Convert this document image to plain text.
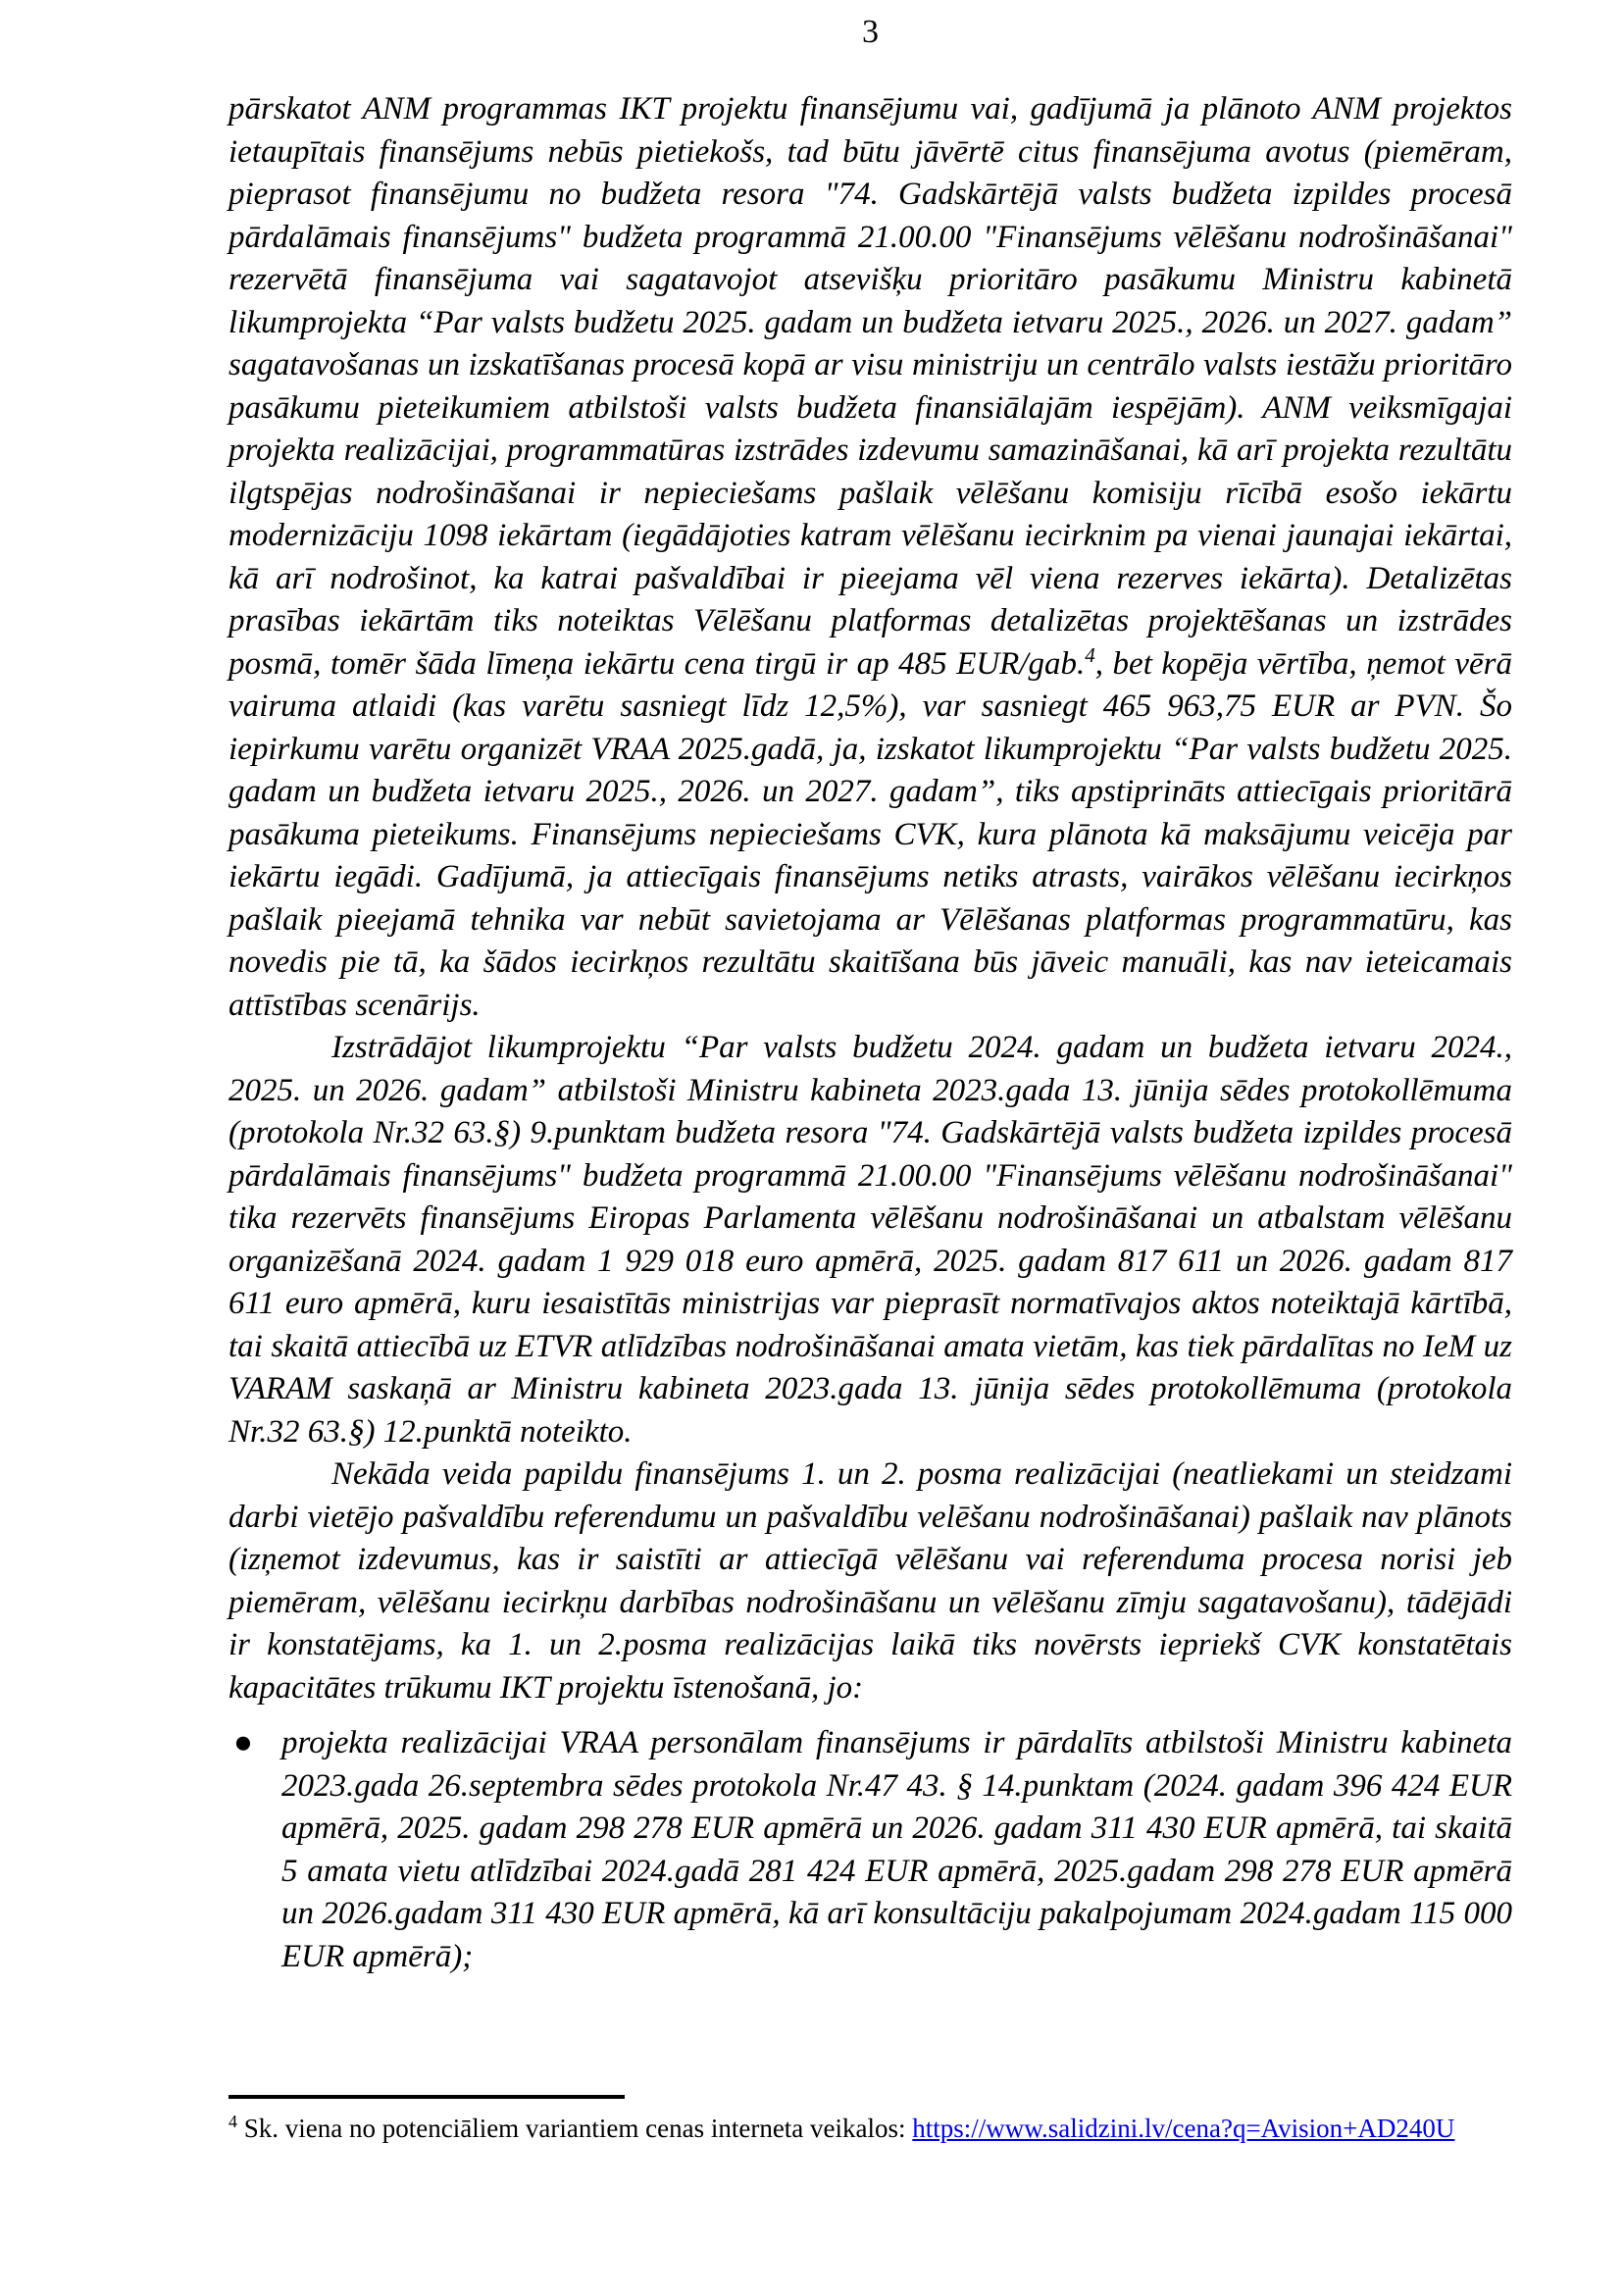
3

pārskatot ANM programmas IKT projektu finansējumu vai, gadījumā ja plānoto ANM projektos ietaupītais finansējums nebūs pietiekošs, tad būtu jāvērtē citus finansējuma avotus (piemēram, pieprasot finansējumu no budžeta resora "74. Gadskārtējā valsts budžeta izpildes procesā pārdalāmais finansējums" budžeta programmā 21.00.00 "Finansējums vēlēšanu nodrošināšanai" rezervētā finansējuma vai sagatavojot atsevišķu prioritāro pasākumu Ministru kabinetā likumprojekta “Par valsts budžetu 2025. gadam un budžeta ietvaru 2025., 2026. un 2027. gadam” sagatavošanas un izskatīšanas procesā kopā ar visu ministriju un centrālo valsts iestāžu prioritāro pasākumu pieteikumiem atbilstoši valsts budžeta finansiālajām iespējām). ANM veiksmīgajai projekta realizācijai, programmatūras izstrādes izdevumu samazināšanai, kā arī projekta rezultātu ilgtspējas nodrošināšanai ir nepieciešams pašlaik vēlēšanu komisiju rīcībā esošo iekārtu modernizāciju 1098 iekārtam (iegādājoties katram vēlēšanu iecirknim pa vienai jaunajai iekārtai, kā arī nodrošinot, ka katrai pašvaldībai ir pieejama vēl viena rezerves iekārta). Detalizētas prasības iekārtām tiks noteiktas Vēlēšanu platformas detalizētas projektēšanas un izstrādes posmā, tomēr šāda līmeņa iekārtu cena tirgū ir ap 485 EUR/gab.$^4$, bet kopēja vērtība, ņemot vērā vairuma atlaidi (kas varētu sasniegt līdz 12,5%), var sasniegt 465 963,75 EUR ar PVN. Šo iepirkumu varētu organizēt VRAA 2025.gadā, ja, izskatot likumprojektu “Par valsts budžetu 2025. gadam un budžeta ietvaru 2025., 2026. un 2027. gadam”, tiks apstiprināts attiecīgais prioritārā pasākuma pieteikums. Finansējums nepieciešams CVK, kura plānota kā maksājumu veicēja par iekārtu iegādi. Gadījumā, ja attiecīgais finansējums netiks atrasts, vairākos vēlēšanu iecirkņos pašlaik pieejamā tehnika var nebūt savietojama ar Vēlēšanas platformas programmatūru, kas novedis pie tā, ka šādos iecirkņos rezultātu skaitīšana būs jāveic manuāli, kas nav ieteicamais attīstības scenārijs.

Izstrādājot likumprojektu “Par valsts budžetu 2024. gadam un budžeta ietvaru 2024., 2025. un 2026. gadam” atbilstoši Ministru kabineta 2023.gada 13. jūnija sēdes protokollēmuma (protokola Nr.32 63.§) 9.punktam budžeta resora "74. Gadskārtējā valsts budžeta izpildes procesā pārdalāmais finansējums" budžeta programmā 21.00.00 "Finansējums vēlēšanu nodrošināšanai" tika rezervēts finansējums Eiropas Parlamenta vēlēšanu nodrošināšanai un atbalstam vēlēšanu organizēšanā 2024. gadam 1 929 018 euro apmērā, 2025. gadam 817 611 un 2026. gadam 817 611 euro apmērā, kuru iesaistītās ministrijas var pieprasīt normatīvajos aktos noteiktajā kārtībā, tai skaitā attiecībā uz ETVR atlīdzības nodrošināšanai amata vietām, kas tiek pārdalītas no IeM uz VARAM saskaņā ar Ministru kabineta 2023.gada 13. jūnija sēdes protokollēmuma (protokola Nr.32 63.§) 12.punktā noteikto.

Nekāda veida papildu finansējums 1. un 2. posma realizācijai (neatliekami un steidzami darbi vietējo pašvaldību referendumu un pašvaldību velēšanu nodrošināšanai) pašlaik nav plānots (izņemot izdevumus, kas ir saistīti ar attiecīgā vēlēšanu vai referenduma procesa norisi jeb piemēram, vēlēšanu iecirkņu darbības nodrošināšanu un vēlēšanu zīmju sagatavošanu), tādējādi ir konstatējams, ka 1. un 2.posma realizācijas laikā tiks novērsts iepriekš CVK konstatētais kapacitātes trūkumu IKT projektu īstenošanā, jo:

● projekta realizācijai VRAA personālam finansējums ir pārdalīts atbilstoši Ministru kabineta 2023.gada 26.septembra sēdes protokola Nr.47 43. § 14.punktam (2024. gadam 396 424 EUR apmērā, 2025. gadam 298 278 EUR apmērā un 2026. gadam 311 430 EUR apmērā, tai skaitā 5 amata vietu atlīdzībai 2024.gadā 281 424 EUR apmērā, 2025.gadam 298 278 EUR apmērā un 2026.gadam 311 430 EUR apmērā, kā arī konsultāciju pakalpojumam 2024.gadam 115 000 EUR apmērā);
$^4$ Sk. viena no potenciāliem variantiem cenas interneta veikalos: https://www.salidzini.lv/cena?q=Avision+AD240U
